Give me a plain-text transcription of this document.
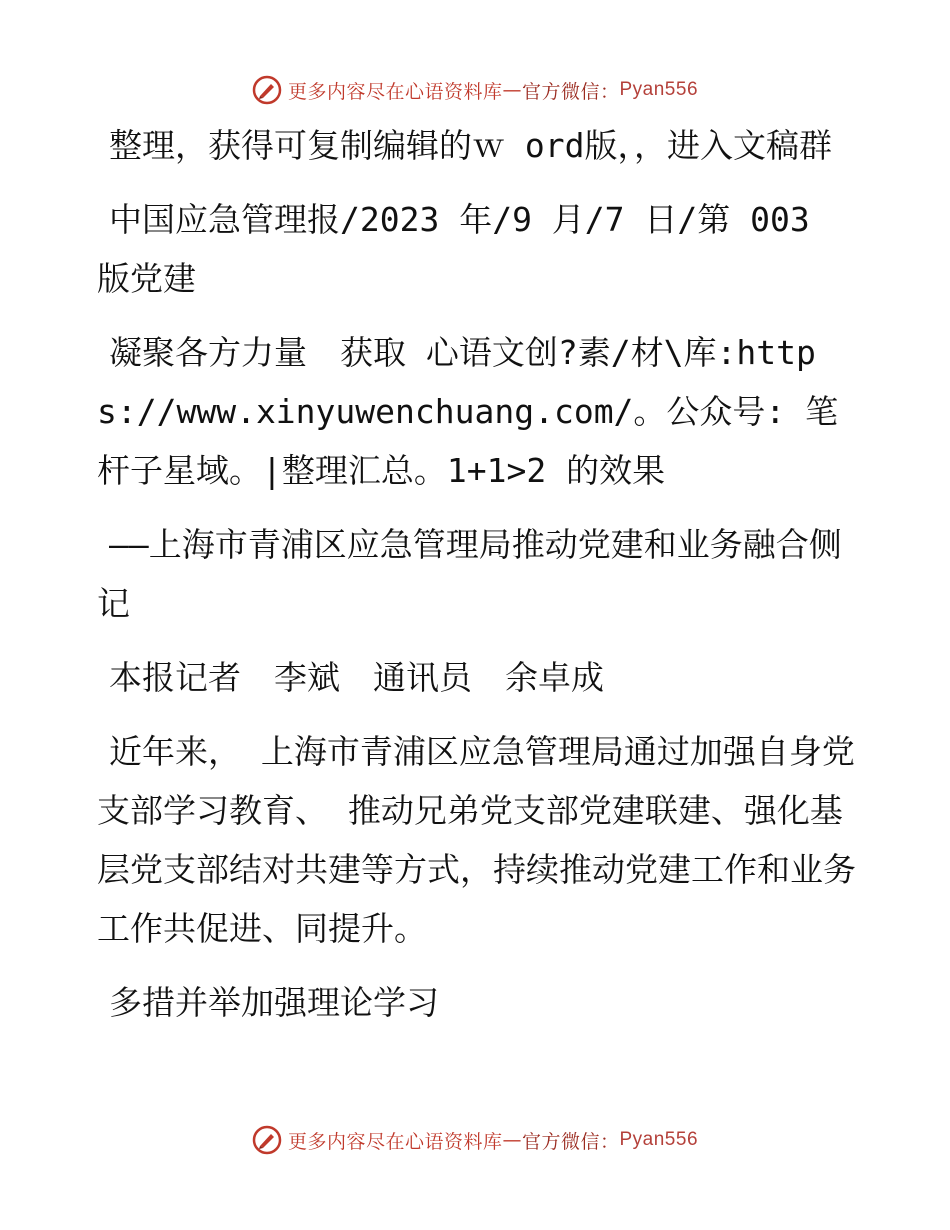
更多内容尽在心语资料库 — 官方微信： Pyan556

整理，获得可复制编辑的ｗ ord版，，进入文稿群

中国应急管理报/2023 年/9 月/7 日/第 003 版党建

凝聚各方力量　获取 心语文创?素/材\库:https://www.xinyuwenchuang.com/。公众号: 笔杆子星域。|整理汇总。1+1>2 的效果

——上海市青浦区应急管理局推动党建和业务融合侧记

本报记者　李斌　通讯员　余卓成

近年来， 上海市青浦区应急管理局通过加强自身党支部学习教育、 推动兄弟党支部党建联建、强化基层党支部结对共建等方式，持续推动党建工作和业务工作共促进、同提升。

多措并举加强理论学习

更多内容尽在心语资料库 — 官方微信： Pyan556
